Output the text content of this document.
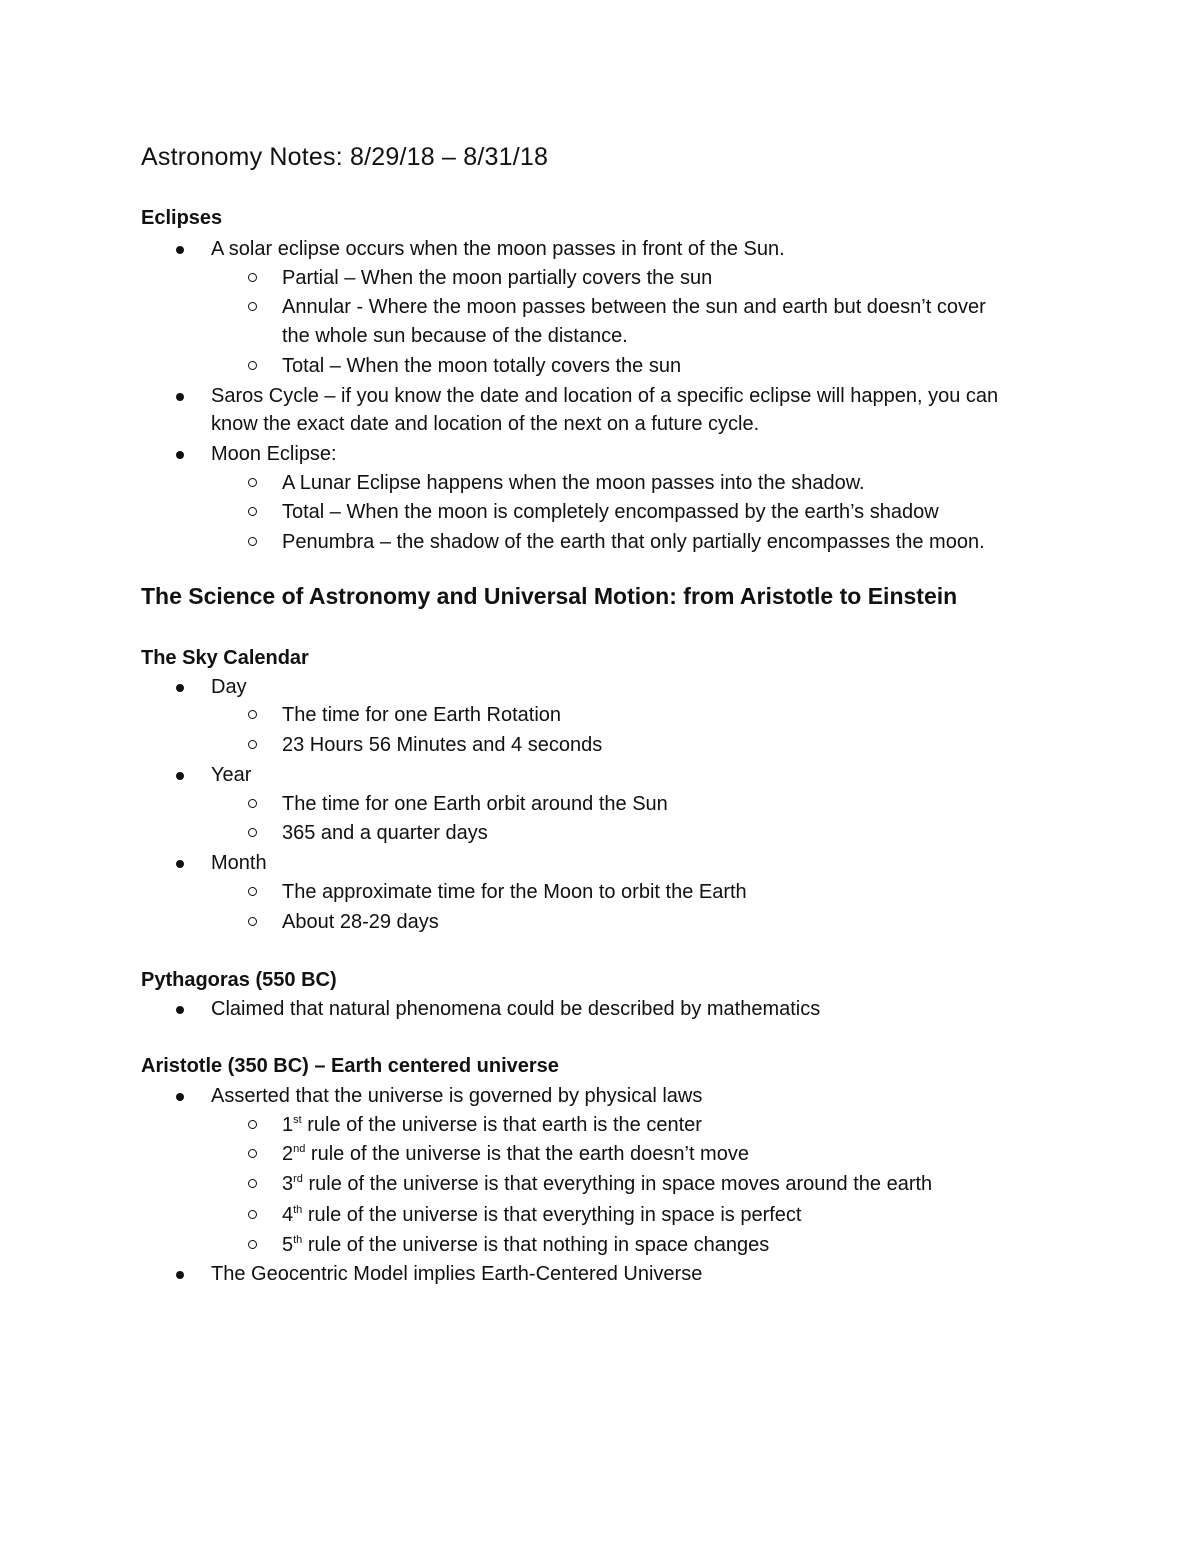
Astronomy Notes: 8/29/18 – 8/31/18
Eclipses
A solar eclipse occurs when the moon passes in front of the Sun.
Partial – When the moon partially covers the sun
Annular - Where the moon passes between the sun and earth but doesn’t cover
the whole sun because of the distance.
Total – When the moon totally covers the sun
Saros Cycle – if you know the date and location of a specific eclipse will happen, you can
know the exact date and location of the next on a future cycle.
Moon Eclipse:
A Lunar Eclipse happens when the moon passes into the shadow.
Total – When the moon is completely encompassed by the earth’s shadow
Penumbra – the shadow of the earth that only partially encompasses the moon.
The Science of Astronomy and Universal Motion: from Aristotle to Einstein
The Sky Calendar
Day
The time for one Earth Rotation
23 Hours 56 Minutes and 4 seconds
Year
The time for one Earth orbit around the Sun
365 and a quarter days
Month
The approximate time for the Moon to orbit the Earth
About 28-29 days
Pythagoras (550 BC)
Claimed that natural phenomena could be described by mathematics
Aristotle (350 BC) – Earth centered universe
Asserted that the universe is governed by physical laws
1st rule of the universe is that earth is the center
2nd rule of the universe is that the earth doesn’t move
3rd rule of the universe is that everything in space moves around the earth
4th rule of the universe is that everything in space is perfect
5th rule of the universe is that nothing in space changes
The Geocentric Model implies Earth-Centered Universe
